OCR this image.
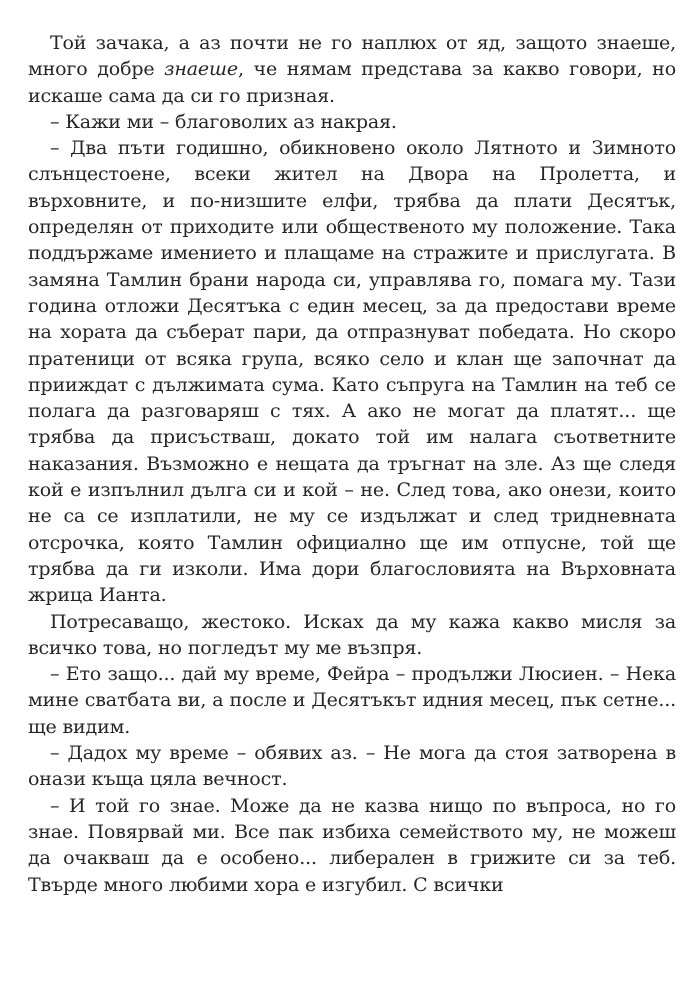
Той зачака, а аз почти не го наплюх от яд, защото знаеше, много добре знаеше, че нямам представа за какво говори, но искаше сама да си го призная.

– Кажи ми – благоволих аз накрая.

– Два пъти годишно, обикновено около Лятното и Зимното слънцестоене, всеки жител на Двора на Пролетта, и върховните, и по-низшите елфи, трябва да плати Десятък, определян от приходите или общественото му положение. Така поддържаме имението и плащаме на стражите и прислугата. В замяна Тамлин брани народа си, управлява го, помага му. Тази година отложи Десятъка с един месец, за да предостави време на хората да съберат пари, да отпразнуват победата. Но скоро пратеници от всяка група, всяко село и клан ще започнат да прииждат с дължимата сума. Като съпруга на Тамлин на теб се полага да разговаряш с тях. А ако не могат да платят... ще трябва да присъстваш, докато той им налага съответните наказания. Възможно е нещата да тръгнат на зле. Аз ще следя кой е изпълнил дълга си и кой – не. След това, ако онези, които не са се изплатили, не му се издължат и след тридневната отсрочка, която Тамлин официално ще им отпусне, той ще трябва да ги изколи. Има дори благословията на Върховната жрица Ианта.

Потресаващо, жестоко. Исках да му кажа какво мисля за всичко това, но погледът му ме възпря.

– Ето защо... дай му време, Фейра – продължи Люсиен. – Нека мине сватбата ви, а после и Десятъкът идния месец, пък сетне... ще видим.

– Дадох му време – обявих аз. – Не мога да стоя затворена в онази къща цяла вечност.

– И той го знае. Може да не казва нищо по въпроса, но го знае. Повярвай ми. Все пак избиха семейството му, не можеш да очакваш да е особено... либерален в грижите си за теб. Твърде много любими хора е изгубил. С всички
